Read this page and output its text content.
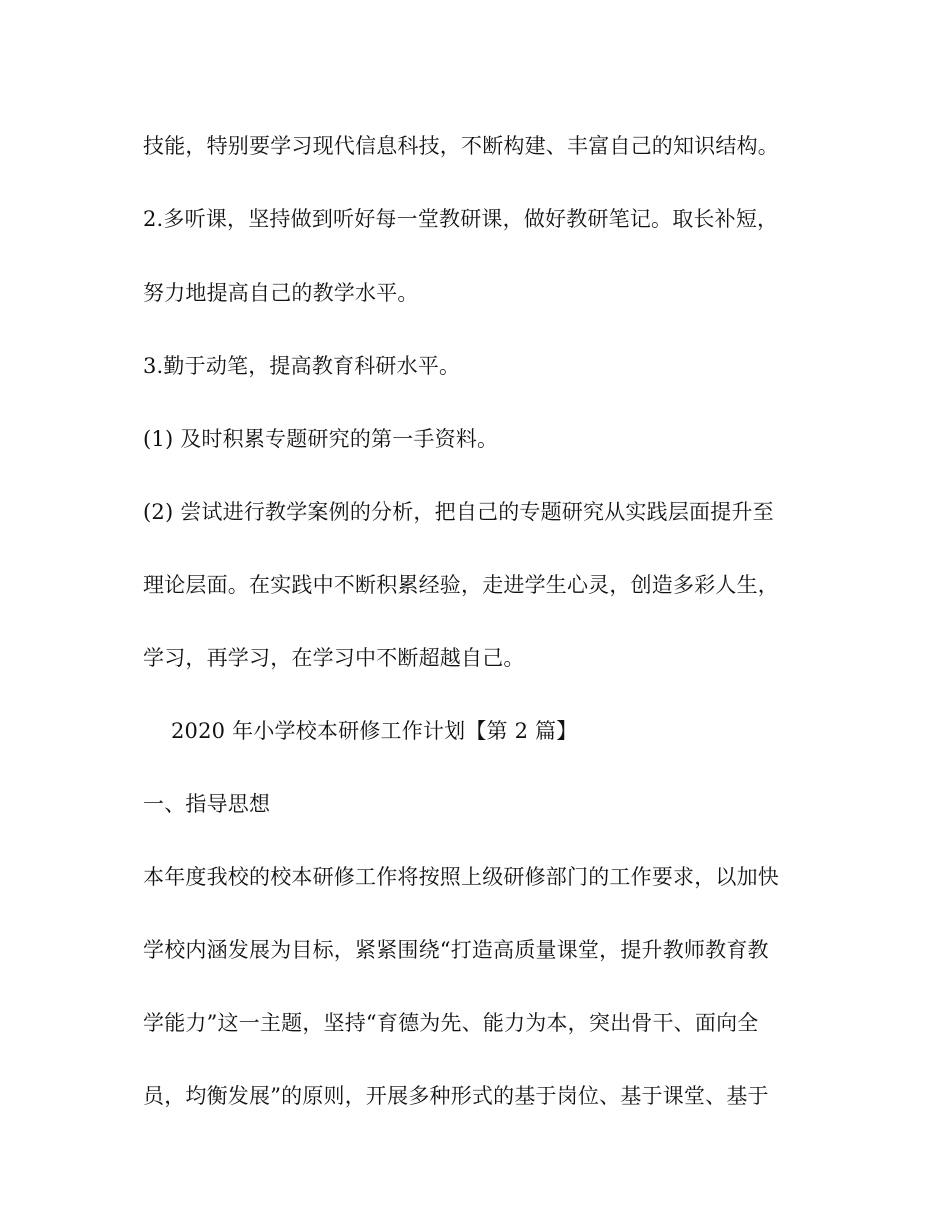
技能，特别要学习现代信息科技，不断构建、丰富自己的知识结构。

2.多听课，坚持做到听好每一堂教研课，做好教研笔记。取长补短，

努力地提高自己的教学水平。

3.勤于动笔，提高教育科研水平。

(1) 及时积累专题研究的第一手资料。

(2) 尝试进行教学案例的分析，把自己的专题研究从实践层面提升至

理论层面。在实践中不断积累经验，走进学生心灵，创造多彩人生，

学习，再学习，在学习中不断超越自己。

2020 年小学校本研修工作计划【第 2 篇】

一、指导思想

本年度我校的校本研修工作将按照上级研修部门的工作要求，以加快

学校内涵发展为目标，紧紧围绕“打造高质量课堂，提升教师教育教

学能力”这一主题，坚持“育德为先、能力为本，突出骨干、面向全

员，均衡发展”的原则，开展多种形式的基于岗位、基于课堂、基于
